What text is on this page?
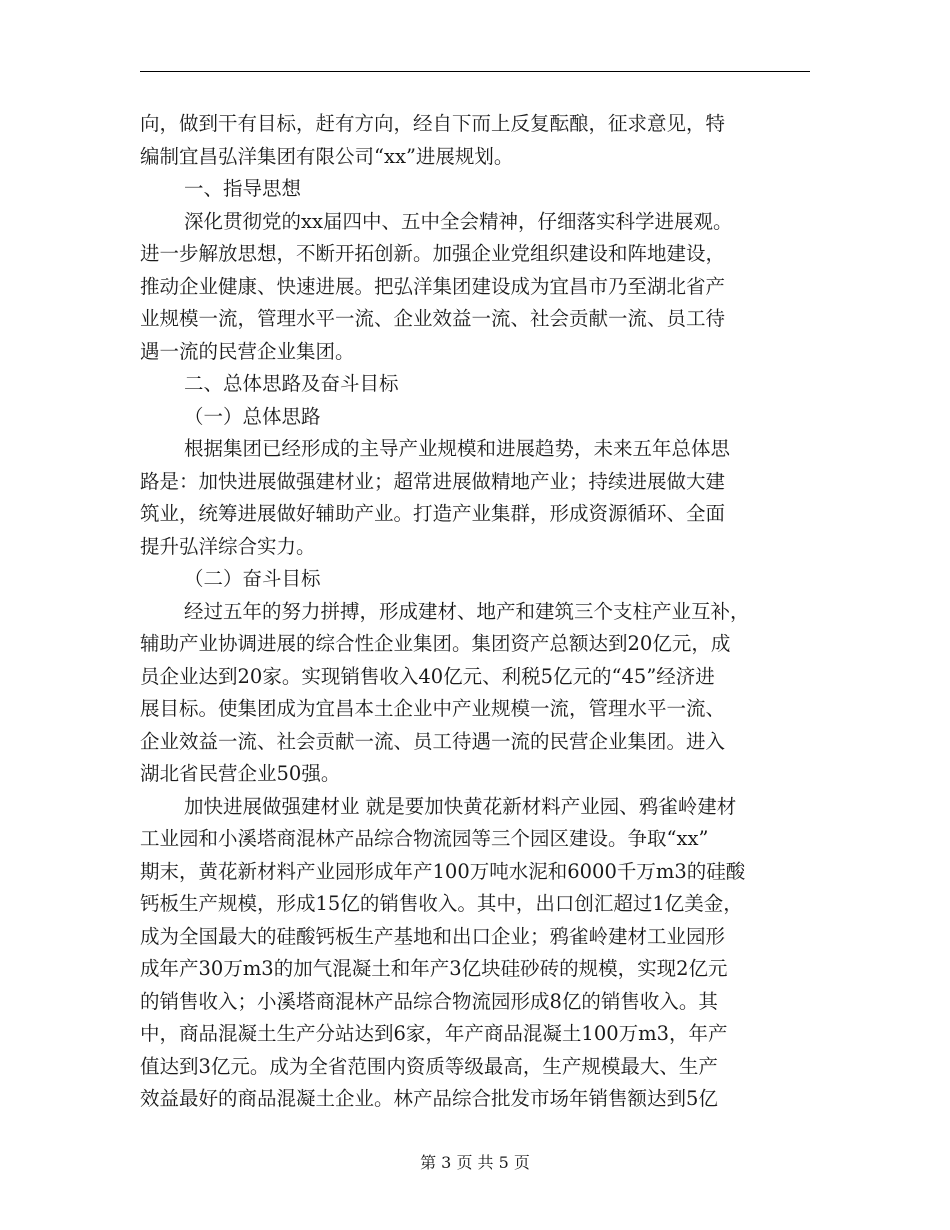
向，做到干有目标，赶有方向，经自下而上反复酝酿，征求意见，特
编制宜昌弘洋集团有限公司“xx”进展规划。
一、指导思想
深化贯彻党的xx届四中、五中全会精神，仔细落实科学进展观。
进一步解放思想，不断开拓创新。加强企业党组织建设和阵地建设，
推动企业健康、快速进展。把弘洋集团建设成为宜昌市乃至湖北省产
业规模一流，管理水平一流、企业效益一流、社会贡献一流、员工待
遇一流的民营企业集团。
二、总体思路及奋斗目标
（一）总体思路
根据集团已经形成的主导产业规模和进展趋势，未来五年总体思
路是：加快进展做强建材业；超常进展做精地产业；持续进展做大建
筑业，统筹进展做好辅助产业。打造产业集群，形成资源循环、全面
提升弘洋综合实力。
（二）奋斗目标
经过五年的努力拼搏，形成建材、地产和建筑三个支柱产业互补，
辅助产业协调进展的综合性企业集团。集团资产总额达到20亿元，成
员企业达到20家。实现销售收入40亿元、利税5亿元的“45”经济进
展目标。使集团成为宜昌本土企业中产业规模一流，管理水平一流、
企业效益一流、社会贡献一流、员工待遇一流的民营企业集团。进入
湖北省民营企业50强。
加快进展做强建材业 就是要加快黄花新材料产业园、鸦雀岭建材
工业园和小溪塔商混林产品综合物流园等三个园区建设。争取“xx”
期末，黄花新材料产业园形成年产100万吨水泥和6000千万m3的硅酸
钙板生产规模，形成15亿的销售收入。其中，出口创汇超过1亿美金，
成为全国最大的硅酸钙板生产基地和出口企业；鸦雀岭建材工业园形
成年产30万m3的加气混凝土和年产3亿块硅砂砖的规模，实现2亿元
的销售收入；小溪塔商混林产品综合物流园形成8亿的销售收入。其
中，商品混凝土生产分站达到6家，年产商品混凝土100万m3，年产
值达到3亿元。成为全省范围内资质等级最高，生产规模最大、生产
效益最好的商品混凝土企业。林产品综合批发市场年销售额达到5亿
第 3 页 共 5 页
